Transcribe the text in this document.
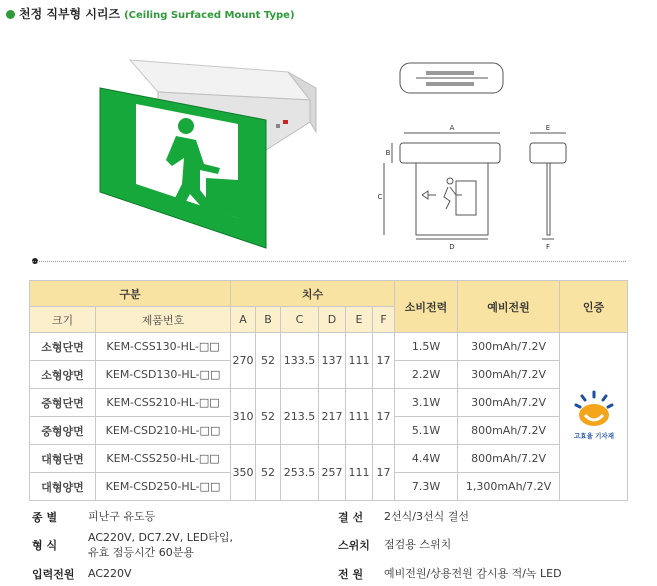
천정 직부형 시리즈 (Ceiling Surfaced Mount Type)
A
B
C
D
E
F
구분		치수						소비전력	예비전원	인증
크기	제품번호	A	B	C	D	E	F			
소형단면	KEM-CSS130-HL-□□	270	52	133.5	137	111	17	1.5W	300mAh/7.2V	고효율 기자재

소형양면	KEM-CSD130-HL-□□							2.2W	300mAh/7.2V	
중형단면	KEM-CSS210-HL-□□	310	52	213.5	217	111	17	3.1W	300mAh/7.2V	
중형양면	KEM-CSD210-HL-□□							5.1W	800mAh/7.2V	
대형단면	KEM-CSS250-HL-□□	350	52	253.5	257	111	17	4.4W	800mAh/7.2V	
대형양면	KEM-CSD250-HL-□□							7.3W	1,300mAh/7.2V	
종 별	피난구 유도등
형 식
AC220V, DC7.2V, LED타입,
유효 점등시간 60분용
입력전원 AC220V
결 선 2선식/3선식 결선
스위치 점검용 스위치
전 원 예비전원/상용전원 감시용 적/녹 LED
